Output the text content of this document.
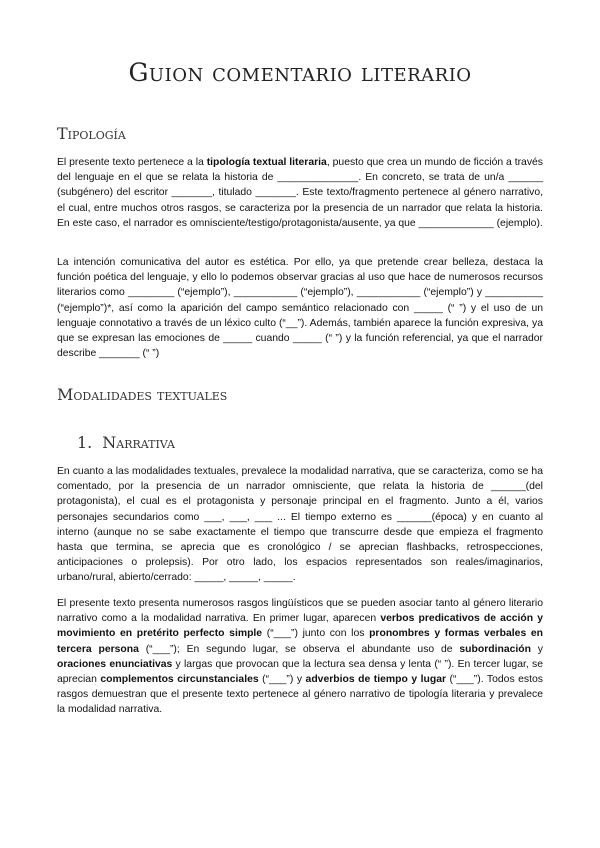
Guion comentario literario
Tipología

El presente texto pertenece a la tipología textual literaria, puesto que crea un mundo de ficción a través del lenguaje en el que se relata la historia de ______________. En concreto, se trata de un/a ______ (subgénero) del escritor _______, titulado _______. Este texto/fragmento pertenece al género narrativo, el cual, entre muchos otros rasgos, se caracteriza por la presencia de un narrador que relata la historia. En este caso, el narrador es omnisciente/testigo/protagonista/ausente, ya que _____________ (ejemplo).

La intención comunicativa del autor es estética. Por ello, ya que pretende crear belleza, destaca la función poética del lenguaje, y ello lo podemos observar gracias al uso que hace de numerosos recursos literarios como ________ (“ejemplo”), ___________ (“ejemplo”), ___________ (“ejemplo”) y __________ (“ejemplo”)*, así como la aparición del campo semántico relacionado con _____ (“ ”) y el uso de un lenguaje connotativo a través de un léxico culto (“__”). Además, también aparece la función expresiva, ya que se expresan las emociones de _____ cuando _____ (“ ”) y la función referencial, ya que el narrador describe _______ (“ ”)

Modalidades textuales
1. Narrativa

En cuanto a las modalidades textuales, prevalece la modalidad narrativa, que se caracteriza, como se ha comentado, por la presencia de un narrador omnisciente, que relata la historia de ______(del protagonista), el cual es el protagonista y personaje principal en el fragmento. Junto a él, varios personajes secundarios como ___, ___, ___ ... El tiempo externo es ______(época) y en cuanto al interno (aunque no se sabe exactamente el tiempo que transcurre desde que empieza el fragmento hasta que termina, se aprecia que es cronológico / se aprecian flashbacks, retrospecciones, anticipaciones o prolepsis). Por otro lado, los espacios representados son reales/imaginarios, urbano/rural, abierto/cerrado: _____, _____, _____.

El presente texto presenta numerosos rasgos lingüísticos que se pueden asociar tanto al género literario narrativo como a la modalidad narrativa. En primer lugar, aparecen verbos predicativos de acción y movimiento en pretérito perfecto simple (“___”) junto con los pronombres y formas verbales en tercera persona (“___”); En segundo lugar, se observa el abundante uso de subordinación y oraciones enunciativas y largas que provocan que la lectura sea densa y lenta (“ ”). En tercer lugar, se aprecian complementos circunstanciales (“___”) y adverbios de tiempo y lugar (“___”). Todos estos rasgos demuestran que el presente texto pertenece al género narrativo de tipología literaria y prevalece la modalidad narrativa.
